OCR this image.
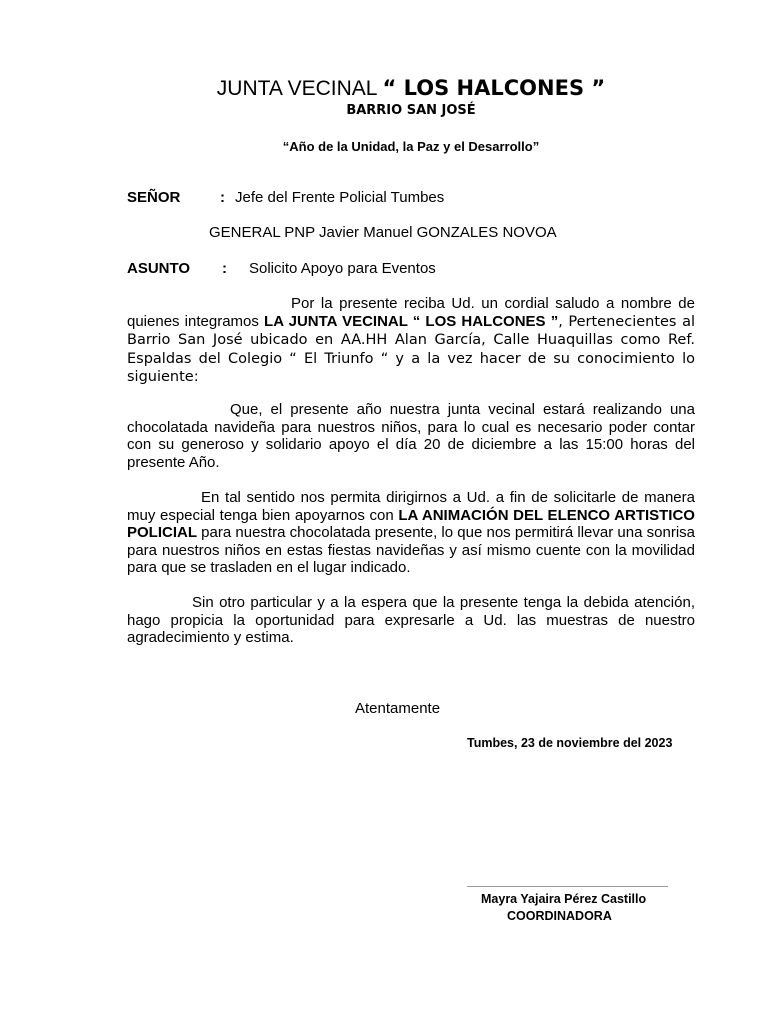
JUNTA VECINAL “ LOS HALCONES ”
BARRIO SAN JOSÉ
“Año de la Unidad, la Paz y el Desarrollo”
SEÑOR	: Jefe del Frente Policial Tumbes
GENERAL PNP Javier Manuel GONZALES NOVOA
ASUNTO : Solicito Apoyo para Eventos
Por la presente reciba Ud. un cordial saludo a nombre de quienes integramos LA JUNTA VECINAL “ LOS HALCONES ”, Pertenecientes al Barrio San José ubicado en AA.HH Alan García, Calle Huaquillas como Ref. Espaldas del Colegio “ El Triunfo “ y a la vez hacer de su conocimiento lo siguiente:
Que, el presente año nuestra junta vecinal estará realizando una chocolatada navideña para nuestros niños, para lo cual es necesario poder contar con su generoso y solidario apoyo el día 20 de diciembre a las 15:00 horas del presente Año.
En tal sentido nos permita dirigirnos a Ud. a fin de solicitarle de manera muy especial tenga bien apoyarnos con LA ANIMACIÓN DEL ELENCO ARTISTICO POLICIAL para nuestra chocolatada presente, lo que nos permitirá llevar una sonrisa para nuestros niños en estas fiestas navideñas y así mismo cuente con la movilidad para que se trasladen en el lugar indicado.
Sin otro particular y a la espera que la presente tenga la debida atención, hago propicia la oportunidad para expresarle a Ud. las muestras de nuestro agradecimiento y estima.
Atentamente
Tumbes, 23 de noviembre del 2023
Mayra Yajaira Pérez Castillo
COORDINADORA
